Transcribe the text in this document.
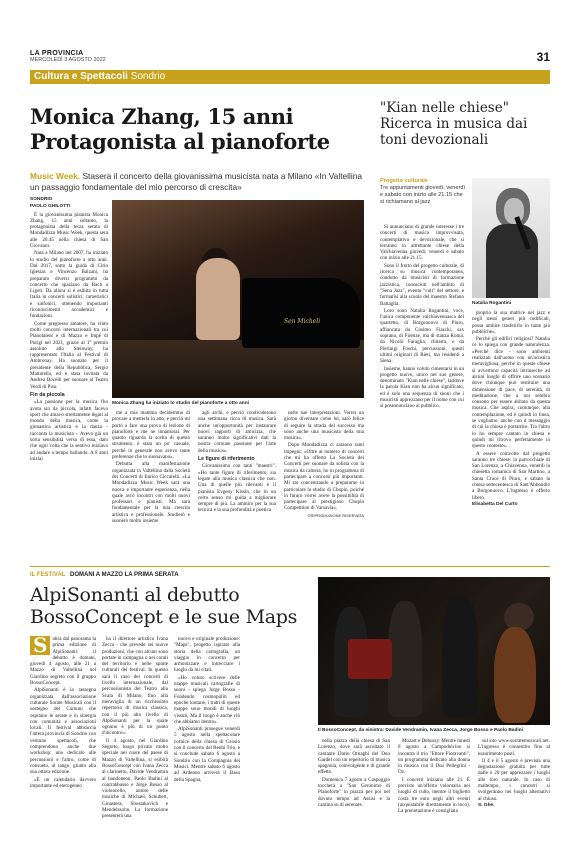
LA PROVINCIA
MERCOLEDÌ 3 AGOSTO 2022	31
Cultura e Spettacoli Sondrio
Monica Zhang, 15 anni Protagonista al pianoforte
"Kian nelle chiese" Ricerca in musica dai toni devozionali
Music Week. Stasera il concerto della giovanissima musicista nata a Milano «In Valtellina un passaggio fondamentale del mio percorso di crescita»

SONDRIO

PAOLO GHILOTTI

È la giovanissima pianista Monica Zhang, 15 anni soltanto, la protagonista della terza serata di Mondadizza Music Week, questa sera alle 20.45 nella chiesa di San Giovanni.

Nata a Milano nel 2007, ha iniziato lo studio del pianoforte a otto anni. Dal 2017, sotto la guida di Cirio Iglesias e Vincenzo Balzani, ha preparato diversi programmi da concerto che spaziano da Bach a Ligeti. Da allora si è esibita in tutta Italia in concerti solistici, cameristici e sinfonici, ottenendo importanti riconoscimenti accademici e fondazioni.

Come pregresso amatore, ha vinto molti concorsi internazionali tra cui Pianotalent e di Mazzo e Impé di Purigi nel 2021, grazie al 1° premio assoluto allo Steinway, ha rappresentato l'Italia al Festival di Ambronay. Ha suonato per il presidente della Repubblica, Sergio Mattarella, ed è stata invitata da Andrea Bocelli per suonare al Teatro Verdi di Pisa.

Fin da piccola

«La passione per la musica l'ho avuta sin da piccola, infatti facevo sport che amavo strettamente legati al mondo della musica, come la ginnastica artistica e la danza - racconta la musicista -. Avevo già un sorta sensibilità verso di essa, dato che ogni volta che la sentivo iniziavo ad andare a tempo ballando. A 8 anni iniziai

Sen Micheli
Monica Zhang ha iniziato lo studio del pianoforte a otto anni

me a mia mamma decidemmo di provare a metterla in atto, e perciò mi portò a fare una prova di lezione di pianoforte e me ne innamorai. Per quanto riguarda la scelta di questo strumento, è stata un po' casuale, perché in generale non avevo tante preferenze che lo suonavano».

Debutta alla manifestazione organizzata in Valtellina dalla Società dei Concerti di Enrico Ciccarelli. «La Mondadizza Music Week sarà una nuova e importante esperienza, nella quale avrò incontri con molti nuovi professori e pianisti. Ma sarà fondamentale per la mia crescita artistica e professionale. Studierò e suonerò molto insieme

agli archi, e perciò condividerono una settimana ricca di musica. Sarà anche un'opportunità per instaurare nuovi rapporti di amicizia, che saranno molto significativi dati la nostra comune passione per l'arte della musica».

Le figure di riferimento

Giovanissima con tanti "maestri". «Ho tante figure di riferimento, sia legate alla musica classica che non. Una di quelle più rilevanti è il pianista Evgeny Kissin, che in un certo senso mi guida a migliorare sempre di più. La ammiro per la sua tecnica e la sua profondità e poetica

nelle sue interpretazioni. Vorrei un giorno diventare come lui, sarò felice di seguire la strada del successo ma sono anche una musicista della mia musica».

Dopo Mondadizza ci saranno tanti impegni: «Oltre al numero di concerti che mi ha offerto La Società dei Concerti per suonare da solista con la musica da camera, ho in programma di partecipare a concorsi più importanti. Mi sto concentrando a prepararne in particolare lo studio di Chopin, poiché in futuro vorrei avere la possibilità di partecipare al prestigioso Chopin Competition di Varsavia».

©RIPRODUZIONE RISERVATA

Progetto culturale
Tre appuntamenti giovedì, venerdì e sabato con inizio alle 21.15 che si richiamano al jazz
Natalia Rogantini

Si annunciano di grande interesse i tre concerti di musica improvvisata, contemplativo e devozionale, che si terranno in altrettante chiese della Valchiavenna giovedì, venerdì e sabato con inizio alle 21.15.

Sono il frutto del progetto culturale, di ricerca su musica contemporanea, condotto da musicisti di formazione jazzistica, conosciuti nell'ambito di "Sena Jazz", evento "cult" del settore, e formatisi alla scuola del maestro Stefano Battaglia.

Loro sono Natalia Rogantini, voce, l'unica componente valchiavennasca del quartetto, di Borgonuovo di Piuro, affiancata da Cosimo Fiaschi, sax soprano, di Firenze, ma di stanza Roma, da Nicolò Faraglia, chitarra, e da Pierluigi Foschi, percussioni, questi ultimi originari di Rieti, ma residenti a Siena.

Insieme, hanno voluto cimentarsi in un progetto nuovo, unico nel suo genere, denominato "Kian nelle chiese", laddove la parola Kian non ha alcun significato, ed è solo una sequenza di suoni che i musicisti apprezzano per il nome con cui si preannunciano al pubblico.

proprio la sua matrice nel jazz e negli stessi generi più codificati, possa ambire trasferirlo in tante più pubbliche».

Perché gli edifici religiosi? Natalia ce lo spiega con grande naturalezza. «Perché dice - sono ambienti realizzati dall'uomo con un'acustica meravigliosa, perché in queste chiese si avvertono capacità intrinseche ad alcuni luoghi di offrire uno scenario dove chiunque può restituire una dimensione di pace, di serenità, di meditazione, che a noi sembra consono per essere abitato da questa musica. Che aspira, comunque, alla contemplazione, ed è quindi in linea, se vogliamo, anche con il messaggio di cui la chiesa è portatrice. Tra l'altro io ho sempre cantato in chiesa e quindi mi ritrovo perfettamente in questo contesto».

A essere coinvolte dal progetto saranno tre chiese: la parrocchiale di San Lorenzo, a Chiavenna, venerdì la chiesetta romanica di San Martino, a Santa Croce di Piuro, e sabato la chiesa settecentesca di Sant'Abbondio a Borgonuovo. L'ingresso è offerto libero.

Elisabetta Del Curto

IL FESTIVAL DOMANI A MAZZO LA PRIMA SERATA
AlpiSonanti al debutto BossoConcept e le sue Maps

S alirà dal panorama la prima edizione di AlpiSonanti: il debutto è domani, giovedì 4 agosto, alle 21 a Mazzo di Valtellina nel Giardino segreto con il gruppo BossoConcept.

AlpiSonanti è la rassegna organizzata dall'associazione culturale Sorate Musicali con il sostegno dei Comuni che ospitano le serate e in sinergia con comunità e associazioni locali. Il festival abbraccia l'intera provincia di Sondrio con ventuno spettacoli, che comprendono anche due workshop: uno dedicato alle percussioni e l'altro, come di consueto, al tango, giunto alla sua ottava edizione.

«È un calendario davvero importante ed eterogeneo

ha il direttore artistico Ivana Zecca - che prevede sei nuove produzioni, che con alcuni sono portate in campagna o nei corali del territorio e nelle spinte culturali del festival. In questo sarà il caso dei concerti di livello internazionale, dal percussionista del Teatro alla Scala di Milano, fino alla meraviglia di un ricchissimo repertorio di musica classica, con il più alto livello di AlpiSonanti per la quale ognuno è più di un punto d'incontro».

Il 4 agosto, nel Giardino Segreto, luogo privato molto speciale nel cuore del paese di Mazzo di Valtellina, si esibirà BossoConcept con Ivana Zecca al clarinetto, Davide Vendramin al bandoneon, Paolo Badini al contrabbasso e Jorge Bosso al violoncello, autore delle musiche di Michael, Schubert, Ginastera, Shostakovich e Mendelssohn. La formazione presenterà una

nuovo e originale produzione: "Maps", progetto ispirato alla storia della cartografia, un viaggio in concerto per armonizzare e intrecciare i luoghi da lui citati.

«Ho voluto scrivere delle mappe musicali cartografie di suoni - spiega Jorge Bosso - Fondendo cosmopoliti ed epoche lontane, i tratti di queste mappe sono mondi di luoghi vissuti, Ma il luogo è anche ciò che abbiamo dentro».

AlpiSonanti prosegue venerdì 5 agosto nella spettacolare cornice della chiesa di Grosio con il concerto del Benhi Trio, e si conclude sabato 6 agosto a Sondrio con la Compagnia dei Musici. Mentre sabato 6 agosto ad Ardenno arriverà il Baso della Spagna,

Il BossoConcept, da sinistra: Davide Vendramin, Ivana Zecca, Jorge Bosso e Paolo Badini

nella piazza della chiesa di San Lorenzo, dove sarà ascoltato il cantante Dario Ornaghi del Duo Gardel con un repertorio di musica spagnola, coinvolgente e di grande effetto.

Domenica 7 agosto a Caspoggio toccherà a "San Gerónimo di Pianoforte" in piazza per poi nel dovuto tempo ad Assisi e la cantina su di serenate.

Mozart e Debussy. Mentre lunedì 8 agosto a Campodolcino si incontra il trio "Ettore Fioravanti", un programma dedicato alla donna in musica con il Duo Pellegrini - Oz.

I concerti iniziano alle 21. È previsto un'offerta volontaria nei luoghi di culto, mentre il biglietto costa tre euro negli altri eventi (acquistabile direttamente in loco). La prenotazione è consigliata

sul sito www.sorratemusicali.net. L'ingresso è consentito fino al esaurimento posti.

Il 4 e il 5 agosto è prevista una degustazione gratuita per tutte dalle o 20 per apprezzare i luoghi alle loro naturale. In caso di maltempo, i concerti si svolgeranno nei luoghi alternativi al chiuso.

S. Ghe.
